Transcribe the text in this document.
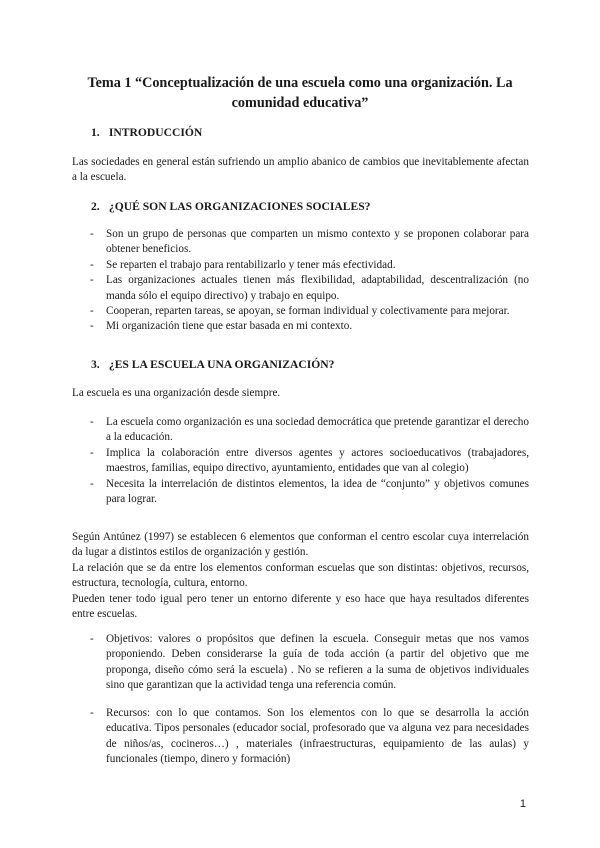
Tema 1 “Conceptualización de una escuela como una organización. La
comunidad educativa”
1. INTRODUCCIÓN
Las sociedades en general están sufriendo un amplio abanico de cambios que inevitablemente afectan a la escuela.
2. ¿QUÉ SON LAS ORGANIZACIONES SOCIALES?
- Son un grupo de personas que comparten un mismo contexto y se proponen colaborar para obtener beneficios.
- Se reparten el trabajo para rentabilizarlo y tener más efectividad.
- Las organizaciones actuales tienen más flexibilidad, adaptabilidad, descentralización (no manda sólo el equipo directivo) y trabajo en equipo.
- Cooperan, reparten tareas, se apoyan, se forman individual y colectivamente para mejorar.
- Mi organización tiene que estar basada en mi contexto.
3. ¿ES LA ESCUELA UNA ORGANIZACIÓN?
La escuela es una organización desde siempre.
- La escuela como organización es una sociedad democrática que pretende garantizar el derecho a la educación.
- Implica la colaboración entre diversos agentes y actores socioeducativos (trabajadores, maestros, familias, equipo directivo, ayuntamiento, entidades que van al colegio)
- Necesita la interrelación de distintos elementos, la idea de “conjunto” y objetivos comunes para lograr.
Según Antúnez (1997) se establecen 6 elementos que conforman el centro escolar cuya interrelación da lugar a distintos estilos de organización y gestión.
La relación que se da entre los elementos conforman escuelas que son distintas: objetivos, recursos, estructura, tecnología, cultura, entorno.
Pueden tener todo igual pero tener un entorno diferente y eso hace que haya resultados diferentes entre escuelas.
- Objetivos: valores o propósitos que definen la escuela. Conseguir metas que nos vamos proponiendo. Deben considerarse la guía de toda acción (a partir del objetivo que me proponga, diseño cómo será la escuela) . No se refieren a la suma de objetivos individuales sino que garantizan que la actividad tenga una referencia común.
- Recursos: con lo que contamos. Son los elementos con lo que se desarrolla la acción educativa. Tipos personales (educador social, profesorado que va alguna vez para necesidades de niños/as, cocineros…) , materiales (infraestructuras, equipamiento de las aulas) y funcionales (tiempo, dinero y formación)
1
